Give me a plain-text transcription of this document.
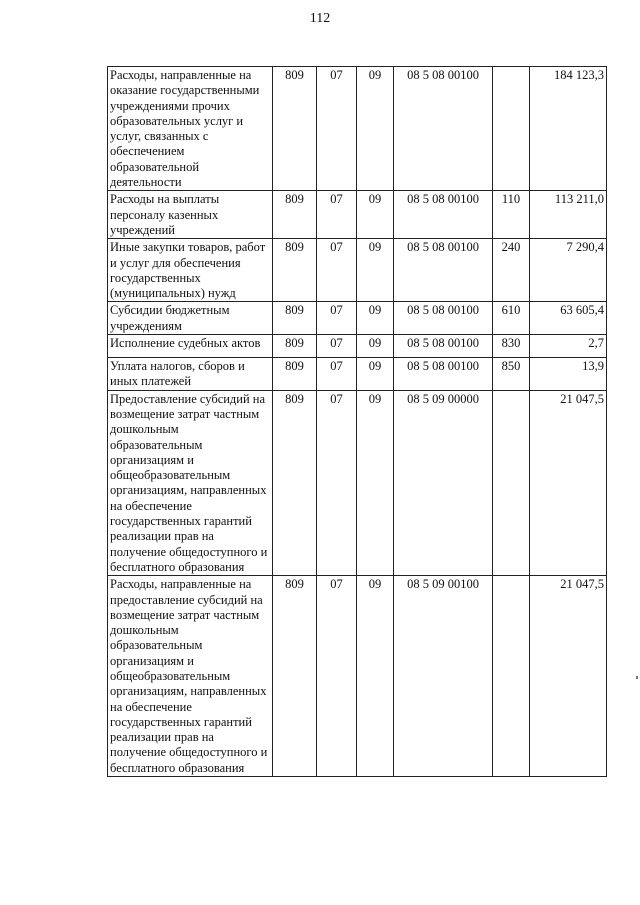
112
Расходы, направленные на оказание государственными учреждениями прочих образовательных услуг и услуг, связанных с обеспечением образовательной деятельности	809	07	09	08 5 08 00100		184 123,3
Расходы на выплаты персоналу казенных учреждений	809	07	09	08 5 08 00100	110	113 211,0
Иные закупки товаров, работ и услуг для обеспечения государственных (муниципальных) нужд	809	07	09	08 5 08 00100	240	7 290,4
Субсидии бюджетным учреждениям	809	07	09	08 5 08 00100	610	63 605,4
Исполнение судебных актов	809	07	09	08 5 08 00100	830	2,7
Уплата налогов, сборов и иных платежей	809	07	09	08 5 08 00100	850	13,9
Предоставление субсидий на возмещение затрат частным дошкольным образовательным организациям и общеобразовательным организациям, направленных на обеспечение государственных гарантий реализации прав на получение общедоступного и бесплатного образования	809	07	09	08 5 09 00000		21 047,5
Расходы, направленные на предоставление субсидий на возмещение затрат частным дошкольным образовательным организациям и общеобразовательным организациям, направленных на обеспечение государственных гарантий реализации прав на получение общедоступного и бесплатного образования	809	07	09	08 5 09 00100		21 047,5
